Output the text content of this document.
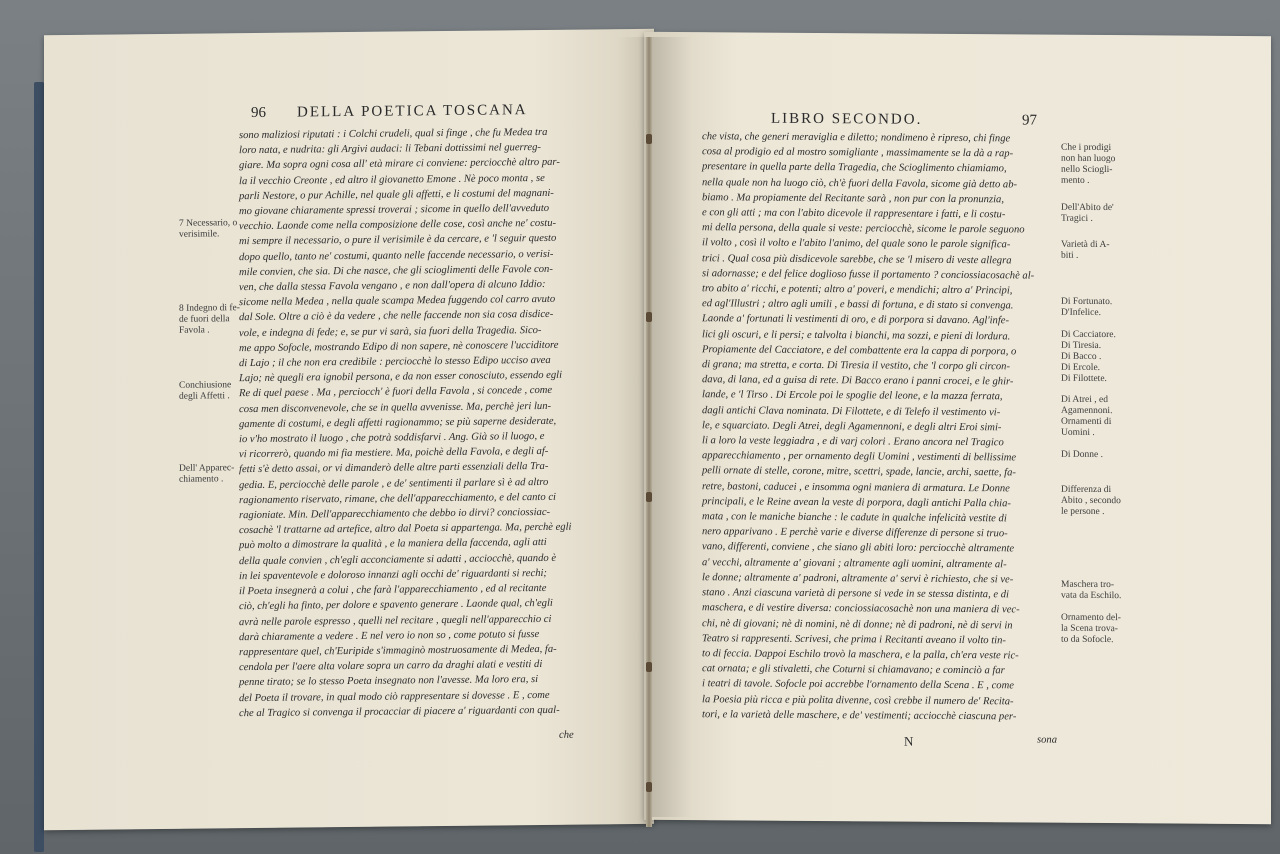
96 DELLA POETICA TOSCANA
sono maliziosi riputati : i Colchi crudeli, qual si finge , che fu Medea tra
loro nata, e nudrita: gli Argivi audaci: li Tebani dottissimi nel guerreg-
giare. Ma sopra ogni cosa all' età mirare ci conviene: perciocchè altro par-
la il vecchio Creonte , ed altro il giovanetto Emone . Nè poco monta , se
parli Nestore, o pur Achille, nel quale gli affetti, e li costumi del magnani-
mo giovane chiaramente spressi troverai ; sicome in quello dell'avveduto
vecchio. Laonde come nella composizione delle cose, così anche ne' costu-
mi sempre il necessario, o pure il verisimile è da cercare, e 'l seguir questo
dopo quello, tanto ne' costumi, quanto nelle faccende necessario, o verisi-
mile convien, che sia. Di che nasce, che gli scioglimenti delle Favole con-
ven, che dalla stessa Favola vengano , e non dall'opera di alcuno Iddio:
sicome nella Medea , nella quale scampa Medea fuggendo col carro avuto
dal Sole. Oltre a ciò è da vedere , che nelle faccende non sia cosa disdice-
vole, e indegna di fede; e, se pur vi sarà, sia fuori della Tragedia. Sico-
me appo Sofocle, mostrando Edipo di non sapere, nè conoscere l'ucciditore
di Lajo ; il che non era credibile : perciocchè lo stesso Edipo ucciso avea
Lajo; nè quegli era ignobil persona, e da non esser conosciuto, essendo egli
Re di quel paese . Ma , perciocch' è fuori della Favola , si concede , come
cosa men disconvenevole, che se in quella avvenisse. Ma, perchè jeri lun-
gamente di costumi, e degli affetti ragionammo; se più saperne desiderate,
io v'ho mostrato il luogo , che potrà soddisfarvi . Ang. Già so il luogo, e
vi ricorrerò, quando mi fia mestiere. Ma, poichè della Favola, e degli af-
fetti s'è detto assai, or vi dimanderò delle altre parti essenziali della Tra-
gedia. E, perciocchè delle parole , e de' sentimenti il parlare sì è ad altro
ragionamento riservato, rimane, che dell'apparecchiamento, e del canto ci
ragioniate. Min. Dell'apparecchiamento che debbo io dirvi? conciossiac-
cosachè 'l trattarne ad artefice, altro dal Poeta si appartenga. Ma, perchè egli
può molto a dimostrare la qualità , e la maniera della faccenda, agli atti
della quale convien , ch'egli acconciamente si adatti , acciocchè, quando è
in lei spaventevole e doloroso innanzi agli occhi de' riguardanti si rechi;
il Poeta insegnerà a colui , che farà l'apparecchiamento , ed al recitante
ciò, ch'egli ha finto, per dolore e spavento generare . Laonde qual, ch'egli
avrà nelle parole espresso , quelli nel recitare , quegli nell'apparecchio ci
darà chiaramente a vedere . E nel vero io non so , come potuto si fusse
rappresentare quel, ch'Euripide s'immaginò mostruosamente di Medea, fa-
cendola per l'aere alta volare sopra un carro da draghi alati e vestiti di
penne tirato; se lo stesso Poeta insegnato non l'avesse. Ma loro era, si
del Poeta il trovare, in qual modo ciò rappresentare si dovesse . E , come
che al Tragico si convenga il procacciar di piacere a' riguardanti con qual-
che
7 Necessario, o
verisimile.
8 Indegno di fe-
de fuori della
Favola .
Conchiusione
degli Affetti .
Dell' Apparec-
chiamento .
LIBRO SECONDO.	97
che vista, che generi meraviglia e diletto; nondimeno è ripreso, chi finge
cosa al prodigio ed al mostro somigliante , massimamente se la dà a rap-
presentare in quella parte della Tragedia, che Scioglimento chiamiamo,
nella quale non ha luogo ciò, ch'è fuori della Favola, sicome già detto ab-
biamo . Ma propiamente del Recitante sarà , non pur con la pronunzia,
e con gli atti ; ma con l'abito dicevole il rappresentare i fatti, e li costu-
mi della persona, della quale si veste: perciocchè, sicome le parole seguono
il volto , così il volto e l'abito l'animo, del quale sono le parole significa-
trici . Qual cosa più disdicevole sarebbe, che se 'l misero di veste allegra
si adornasse; e del felice doglioso fusse il portamento ? conciossiacosachè al-
tro abito a' ricchi, e potenti; altro a' poveri, e mendichi; altro a' Principi,
ed agl'Illustri ; altro agli umili , e bassi di fortuna, e di stato si convenga.
Laonde a' fortunati li vestimenti di oro, e di porpora si davano. Agl'infe-
lici gli oscuri, e li persi; e talvolta i bianchi, ma sozzi, e pieni di lordura.
Propiamente del Cacciatore, e del combattente era la cappa di porpora, o
di grana; ma stretta, e corta. Di Tiresia il vestito, che 'l corpo gli circon-
dava, di lana, ed a guisa di rete. Di Bacco erano i panni crocei, e le ghir-
lande, e 'l Tirso . Di Ercole poi le spoglie del leone, e la mazza ferrata,
dagli antichi Clava nominata. Di Filottete, e di Telefo il vestimento vi-
le, e squarciato. Degli Atrei, degli Agamennoni, e degli altri Eroi simi-
li a loro la veste leggiadra , e di varj colori . Erano ancora nel Tragico
apparecchiamento , per ornamento degli Uomini , vestimenti di bellissime
pelli ornate di stelle, corone, mitre, scettri, spade, lancie, archi, saette, fa-
retre, bastoni, caducei , e insomma ogni maniera di armatura. Le Donne
principali, e le Reine avean la veste di porpora, dagli antichi Palla chia-
mata , con le maniche bianche : le cadute in qualche infelicità vestite di
nero apparivano . E perchè varie e diverse differenze di persone si truo-
vano, differenti, conviene , che siano gli abiti loro: perciocchè altramente
a' vecchi, altramente a' giovani ; altramente agli uomini, altramente al-
le donne; altramente a' padroni, altramente a' servi è richiesto, che si ve-
stano . Anzi ciascuna varietà di persone si vede in se stessa distinta, e di
maschera, e di vestire diversa: conciossiacosachè non una maniera di vec-
chi, nè di giovani; nè di nomini, nè di donne; nè di padroni, nè di servi in
Teatro si rappresenti. Scrivesi, che prima i Recitanti aveano il volto tin-
to di feccia. Dappoi Eschilo trovò la maschera, e la palla, ch'era veste ric-
cat ornata; e gli stivaletti, che Coturni si chiamavano; e cominciò a far
i teatri di tavole. Sofocle poi accrebbe l'ornamento della Scena . E , come
la Poesia più ricca e più polita divenne, così crebbe il numero de' Recita-
tori, e la varietà delle maschere, e de' vestimenti; acciocchè ciascuna per-
N	sona
Che i prodigi
non han luogo
nello Sciogli-
mento .
Dell'Abito de'
Tragici .
Varietà di A-
biti .
Di Fortunato.
D'Infelice.
Di Cacciatore.
Di Tiresia.
Di Bacco .
Di Ercole.
Di Filottete.
Di Atrei , ed
Agamennoni.
Ornamenti di
Uomini .
Di Donne .
Differenza di
Abito , secondo
le persone .
Maschera tro-
vata da Eschilo.
Ornamento del-
la Scena trova-
to da Sofocle.
